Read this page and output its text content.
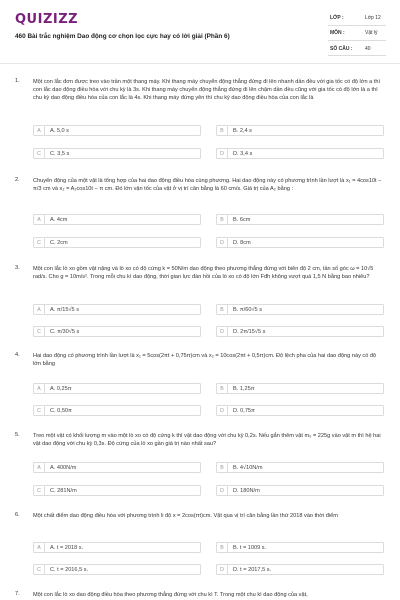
QUIZIZZ
460 Bài trắc nghiệm Dao động cơ chọn lọc cực hay có lời giải (Phần 6)
LỚP :	Lớp 12
MÔN :	Vật lý
SỐ CÂU :	40
1.	Một con lắc đơn được treo vào trần một thang máy. Khi thang máy chuyển động thẳng đứng đi lên nhanh dần đều với gia tốc có độ lớn a thì con lắc dao động điều hòa với chu kỳ là 3s. Khi thang máy chuyển động thẳng đứng đi lên chậm dần đều cũng với gia tốc có độ lớn là a thì chu kỳ dao động điều hòa của con lắc là 4s. Khi thang máy đứng yên thì chu kỳ dao động điều hòa của con lắc là
A	A. 5,0 s	B	B. 2,4 s
C	C. 3,5 s	D	D. 3,4 s
2.	Chuyển động của một vật là tổng hợp của hai dao động điều hòa cùng phương. Hai dao động này có phương trình lần lượt là x₁ = 4cos10t − π/3 cm và x₂ = A₂cos10t − π cm. Đó lớn vận tốc của vật ở vị trí cân bằng là 60 cm/s. Giá trị của A₂ bằng :
A	A. 4cm	B	B. 6cm
C	C. 2cm	D	D. 8cm
3.	Một con lắc lò xo gồm vật nặng và lò xo có độ cứng k = 50N/m dao động theo phương thẳng đứng với biên độ 2 cm, tần số góc ω = 10√5 rad/s. Cho g = 10m/s². Trong mỗi chu kì dao động, thời gian lực đàn hồi của lò xo có độ lớn Fđh không vượt quá 1,5 N bằng bao nhiêu?
A	A. π/15√5 s	B	B. π/60√5 s
C	C. π/30√5 s	D	D. 2π/15√5 s
4.	Hai dao động có phương trình lần lượt là x₁ = 5cos(2πt + 0,75π)cm và x₂ = 10cos(2πt + 0,5π)cm. Độ lệch pha của hai dao động này có độ lớn bằng
A	A. 0,25π	B	B. 1,25π
C	C. 0,50π	D	D. 0,75π
5.	Treo một vật có khối lượng m vào một lò xo có độ cứng k thì vật dao động với chu kỳ 0,2s. Nếu gắn thêm vật m₀ = 225g vào vật m thì hệ hai vật dao động với chu kỳ 0,3s. Độ cứng của lò xo gần giá trị nào nhất sau?
A	A. 400N/m	B	B. 4√10N/m
C	C. 281N/m	D	D. 180N/m
6.	Một chất điểm dao động điều hòa với phương trình li độ x = 2cos(πt)cm. Vật qua vị trí cân bằng lần thứ 2018 vào thời điểm
A	A. t = 2018 s.	B	B. t = 1009 s.
C	C. t = 2016,5 s.	D	D. t = 2017,5 s.
7.	Một con lắc lò xo dao động điều hòa theo phương thẳng đứng với chu kì T. Trong một chu kì dao động của vật,
